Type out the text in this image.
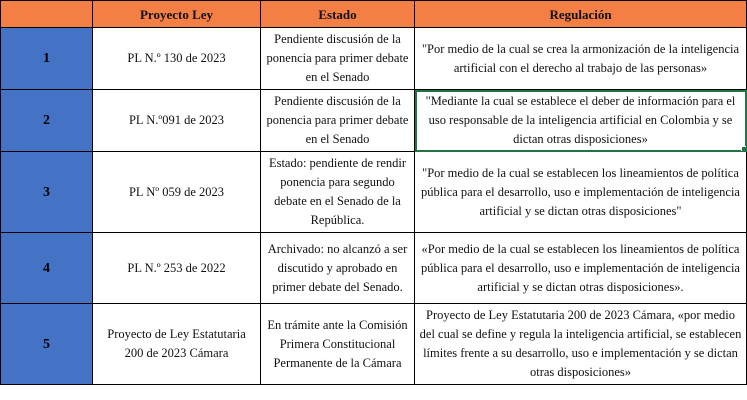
	Proyecto Ley	Estado	Regulación
1	PL N.º 130 de 2023	Pendiente discusión de la ponencia para primer debate en el Senado	"Por medio de la cual se crea la armonización de la inteligencia artificial con el derecho al trabajo de las personas»
2	PL N.º091 de 2023	Pendiente discusión de la ponencia para primer debate en el Senado	"Mediante la cual se establece el deber de información para el uso responsable de la inteligencia artificial en Colombia y se dictan otras disposiciones»

3	PL Nº 059 de 2023	Estado: pendiente de rendir ponencia para segundo debate en el Senado de la República.	"Por medio de la cual se establecen los lineamientos de política pública para el desarrollo, uso e implementación de inteligencia artificial y se dictan otras disposiciones"
4	PL N.º 253 de 2022	Archivado: no alcanzó a ser discutido y aprobado en primer debate del Senado.	«Por medio de la cual se establecen los lineamientos de política pública para el desarrollo, uso e implementación de inteligencia artificial y se dictan otras disposiciones».
5	Proyecto de Ley Estatutaria 200 de 2023 Cámara	En trámite ante la Comisión Primera Constitucional Permanente de la Cámara	Proyecto de Ley Estatutaria 200 de 2023 Cámara, «por medio del cual se define y regula la inteligencia artificial, se establecen límites frente a su desarrollo, uso e implementación y se dictan otras disposiciones»
